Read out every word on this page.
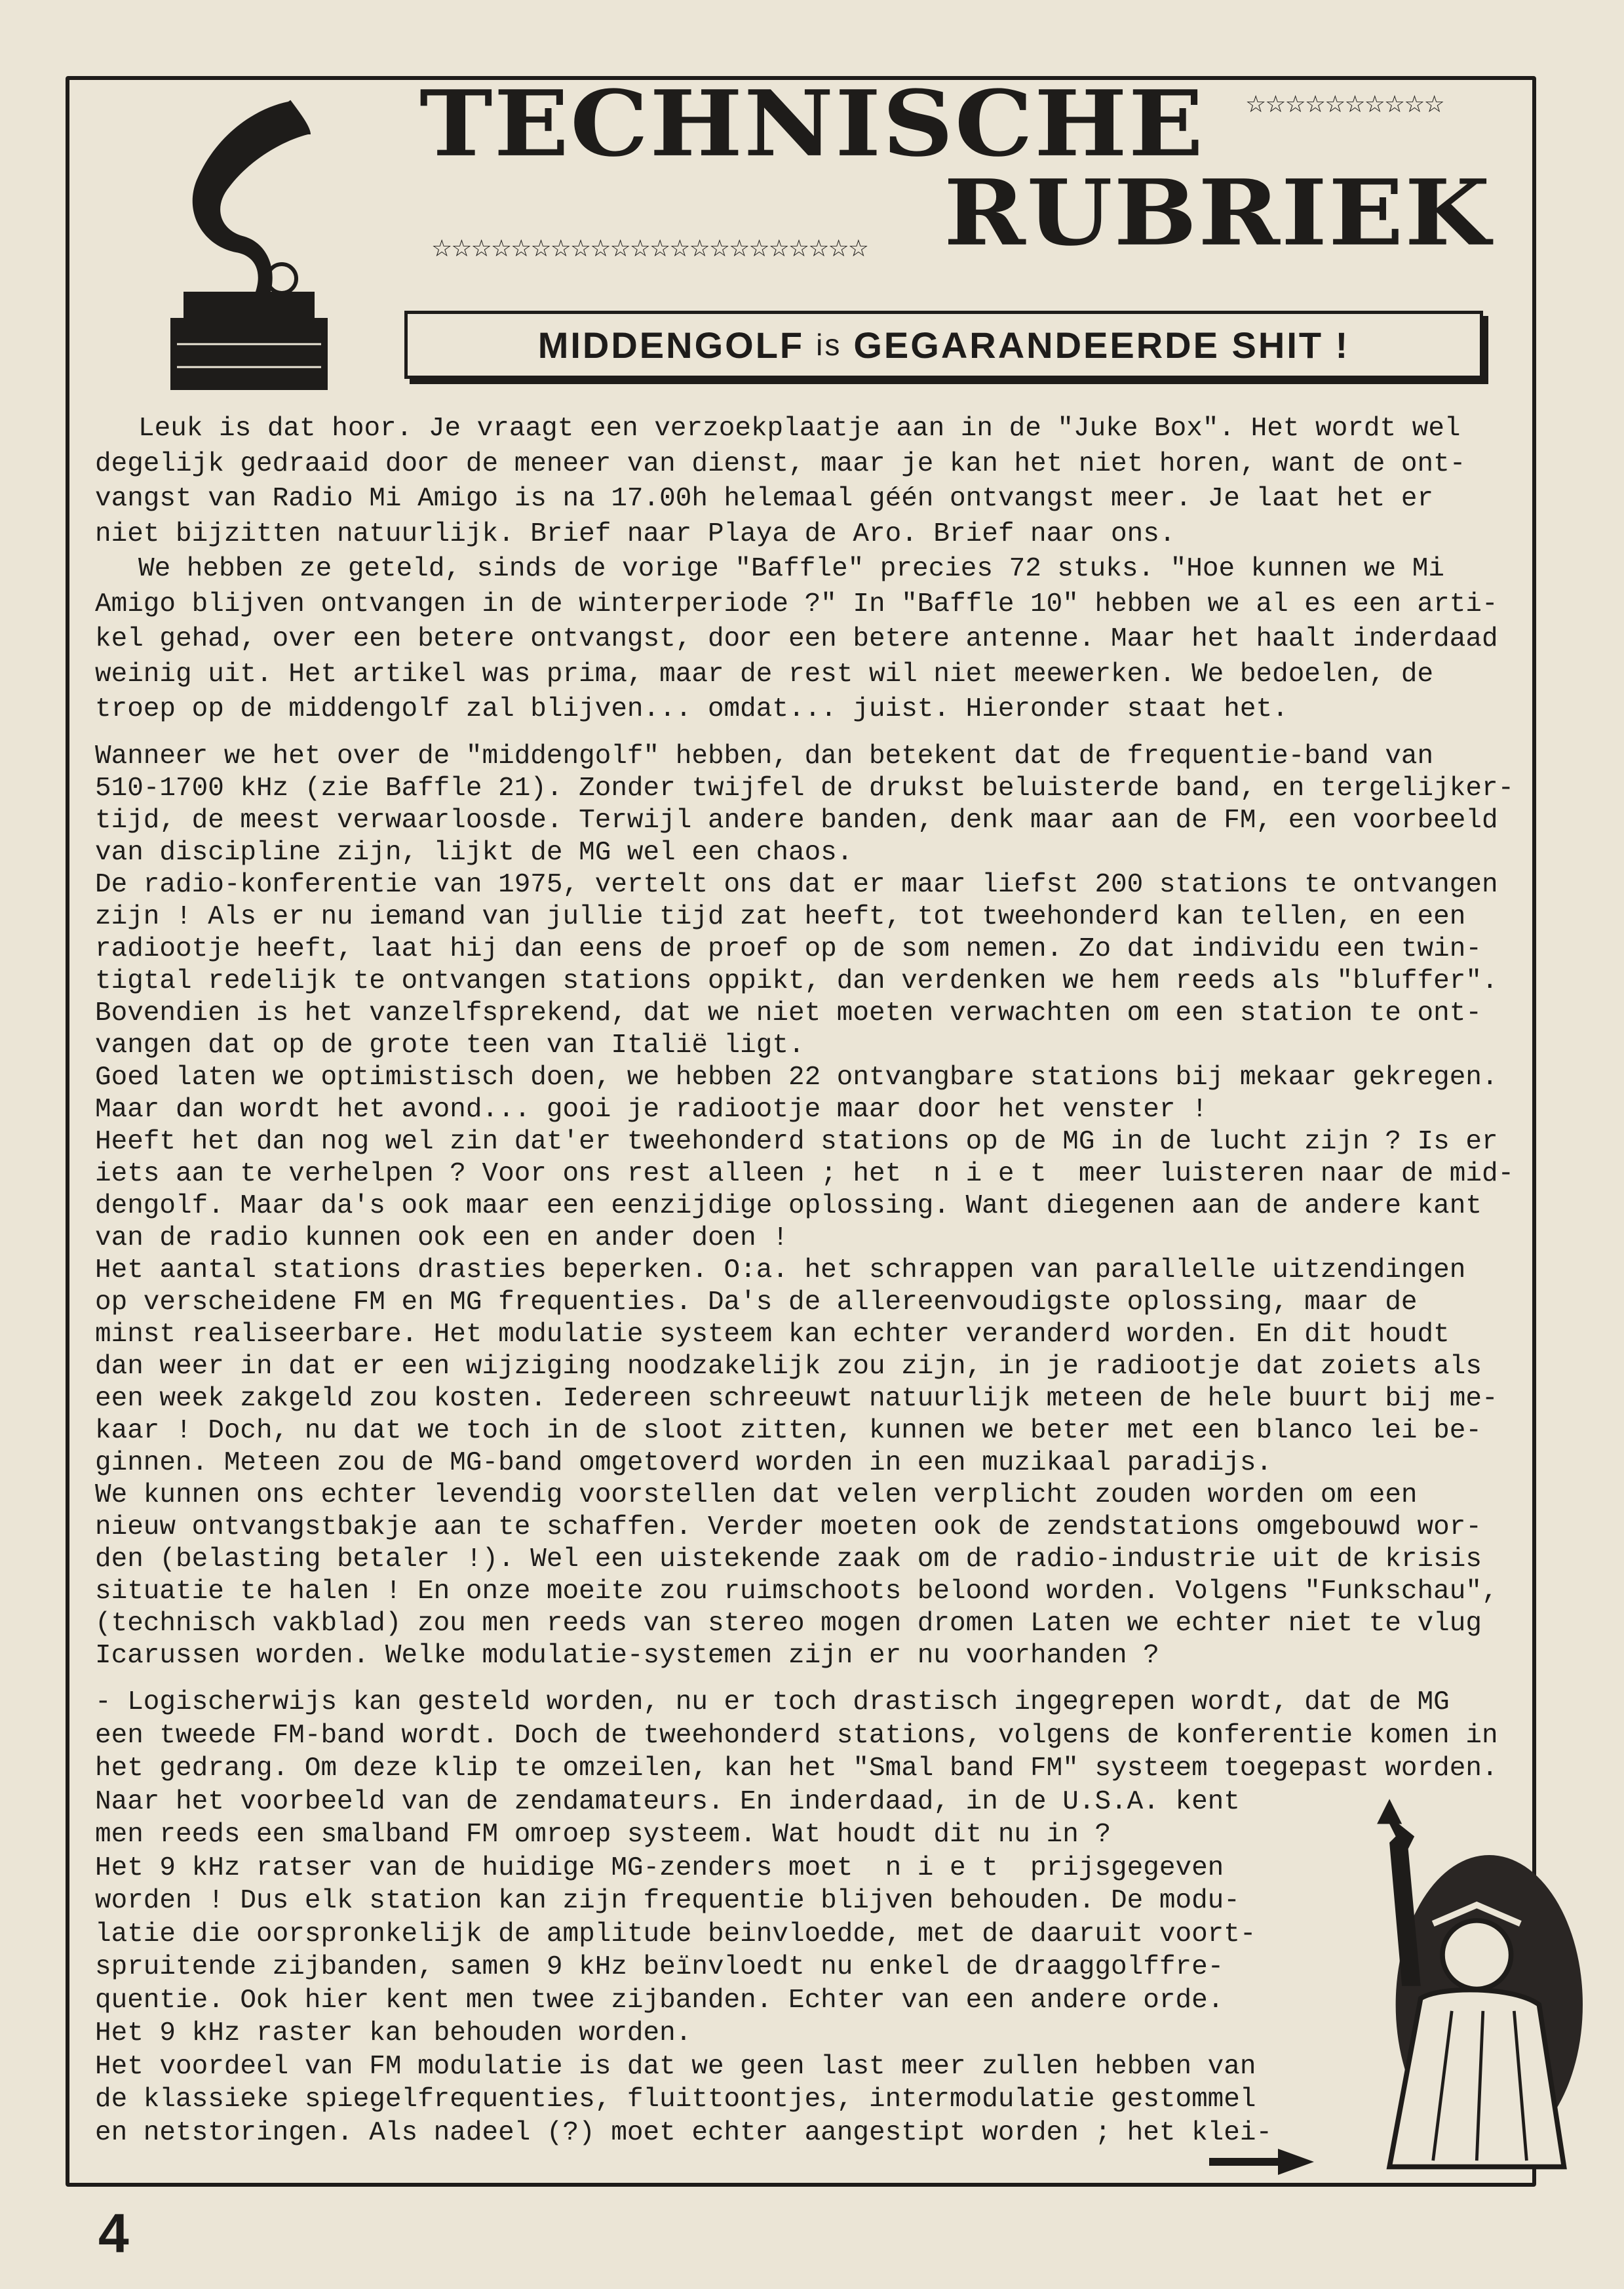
TECHNISCHE ☆☆☆☆☆☆☆☆☆☆
☆☆☆☆☆☆☆☆☆☆☆☆☆☆☆☆☆☆☆☆☆☆ RUBRIEK
MIDDENGOLF is GEGARANDEERDE SHIT !
Leuk is dat hoor. Je vraagt een verzoekplaatje aan in de "Juke Box". Het wordt wel
degelijk gedraaid door de meneer van dienst, maar je kan het niet horen, want de ont-
vangst van Radio Mi Amigo is na 17.00h helemaal géén ontvangst meer. Je laat het er
niet bijzitten natuurlijk. Brief naar Playa de Aro. Brief naar ons.
We hebben ze geteld, sinds de vorige "Baffle" precies 72 stuks. "Hoe kunnen we Mi
Amigo blijven ontvangen in de winterperiode ?" In "Baffle 10" hebben we al es een arti-
kel gehad, over een betere ontvangst, door een betere antenne. Maar het haalt inderdaad
weinig uit. Het artikel was prima, maar de rest wil niet meewerken. We bedoelen, de
troep op de middengolf zal blijven... omdat... juist. Hieronder staat het.
Wanneer we het over de "middengolf" hebben, dan betekent dat de frequentie-band van
510-1700 kHz (zie Baffle 21). Zonder twijfel de drukst beluisterde band, en tergelijker-
tijd, de meest verwaarloosde. Terwijl andere banden, denk maar aan de FM, een voorbeeld
van discipline zijn, lijkt de MG wel een chaos.
De radio-konferentie van 1975, vertelt ons dat er maar liefst 200 stations te ontvangen
zijn ! Als er nu iemand van jullie tijd zat heeft, tot tweehonderd kan tellen, en een
radiootje heeft, laat hij dan eens de proef op de som nemen. Zo dat individu een twin-
tigtal redelijk te ontvangen stations oppikt, dan verdenken we hem reeds als "bluffer".
Bovendien is het vanzelfsprekend, dat we niet moeten verwachten om een station te ont-
vangen dat op de grote teen van Italië ligt.
Goed laten we optimistisch doen, we hebben 22 ontvangbare stations bij mekaar gekregen.
Maar dan wordt het avond... gooi je radiootje maar door het venster !
Heeft het dan nog wel zin dat'er tweehonderd stations op de MG in de lucht zijn ? Is er
iets aan te verhelpen ? Voor ons rest alleen ; het  n i e t  meer luisteren naar de mid-
dengolf. Maar da's ook maar een eenzijdige oplossing. Want diegenen aan de andere kant
van de radio kunnen ook een en ander doen !
Het aantal stations drasties beperken. O:a. het schrappen van parallelle uitzendingen
op verscheidene FM en MG frequenties. Da's de allereenvoudigste oplossing, maar de
minst realiseerbare. Het modulatie systeem kan echter veranderd worden. En dit houdt
dan weer in dat er een wijziging noodzakelijk zou zijn, in je radiootje dat zoiets als
een week zakgeld zou kosten. Iedereen schreeuwt natuurlijk meteen de hele buurt bij me-
kaar ! Doch, nu dat we toch in de sloot zitten, kunnen we beter met een blanco lei be-
ginnen. Meteen zou de MG-band omgetoverd worden in een muzikaal paradijs.
We kunnen ons echter levendig voorstellen dat velen verplicht zouden worden om een
nieuw ontvangstbakje aan te schaffen. Verder moeten ook de zendstations omgebouwd wor-
den (belasting betaler !). Wel een uistekende zaak om de radio-industrie uit de krisis
situatie te halen ! En onze moeite zou ruimschoots beloond worden. Volgens "Funkschau",
(technisch vakblad) zou men reeds van stereo mogen dromen Laten we echter niet te vlug
Icarussen worden. Welke modulatie-systemen zijn er nu voorhanden ?
- Logischerwijs kan gesteld worden, nu er toch drastisch ingegrepen wordt, dat de MG
een tweede FM-band wordt. Doch de tweehonderd stations, volgens de konferentie komen in
het gedrang. Om deze klip te omzeilen, kan het "Smal band FM" systeem toegepast worden.
Naar het voorbeeld van de zendamateurs. En inderdaad, in de U.S.A. kent
men reeds een smalband FM omroep systeem. Wat houdt dit nu in ?
Het 9 kHz ratser van de huidige MG-zenders moet  n i e t  prijsgegeven
worden ! Dus elk station kan zijn frequentie blijven behouden. De modu-
latie die oorspronkelijk de amplitude beinvloedde, met de daaruit voort-
spruitende zijbanden, samen 9 kHz beïnvloedt nu enkel de draaggolffre-
quentie. Ook hier kent men twee zijbanden. Echter van een andere orde.
Het 9 kHz raster kan behouden worden.
Het voordeel van FM modulatie is dat we geen last meer zullen hebben van
de klassieke spiegelfrequenties, fluittoontjes, intermodulatie gestommel
en netstoringen. Als nadeel (?) moet echter aangestipt worden ; het klei-
4
